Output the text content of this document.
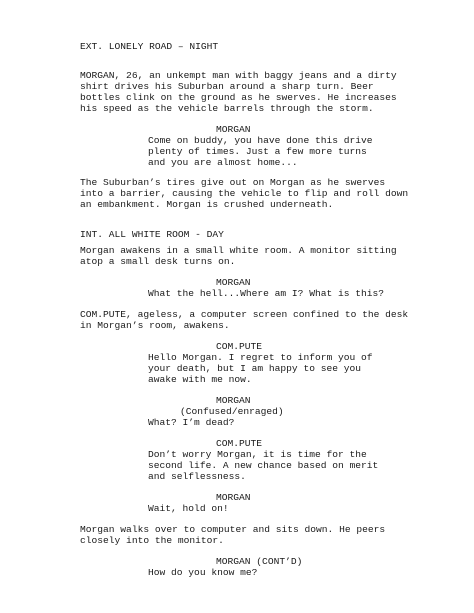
EXT. LONELY ROAD – NIGHT
MORGAN, 26, an unkempt man with baggy jeans and a dirty
shirt drives his Suburban around a sharp turn. Beer
bottles clink on the ground as he swerves. He increases
his speed as the vehicle barrels through the storm.
MORGAN
Come on buddy, you have done this drive
plenty of times. Just a few more turns
and you are almost home...
The Suburban’s tires give out on Morgan as he swerves
into a barrier, causing the vehicle to flip and roll down
an embankment. Morgan is crushed underneath.
INT. ALL WHITE ROOM - DAY
Morgan awakens in a small white room. A monitor sitting
atop a small desk turns on.
MORGAN
What the hell...Where am I? What is this?
COM.PUTE, ageless, a computer screen confined to the desk
in Morgan’s room, awakens.
COM.PUTE
Hello Morgan. I regret to inform you of
your death, but I am happy to see you
awake with me now.
MORGAN
(Confused/enraged)
What? I’m dead?
COM.PUTE
Don’t worry Morgan, it is time for the
second life. A new chance based on merit
and selflessness.
MORGAN
Wait, hold on!
Morgan walks over to computer and sits down. He peers
closely into the monitor.
MORGAN (CONT’D)
How do you know me?
